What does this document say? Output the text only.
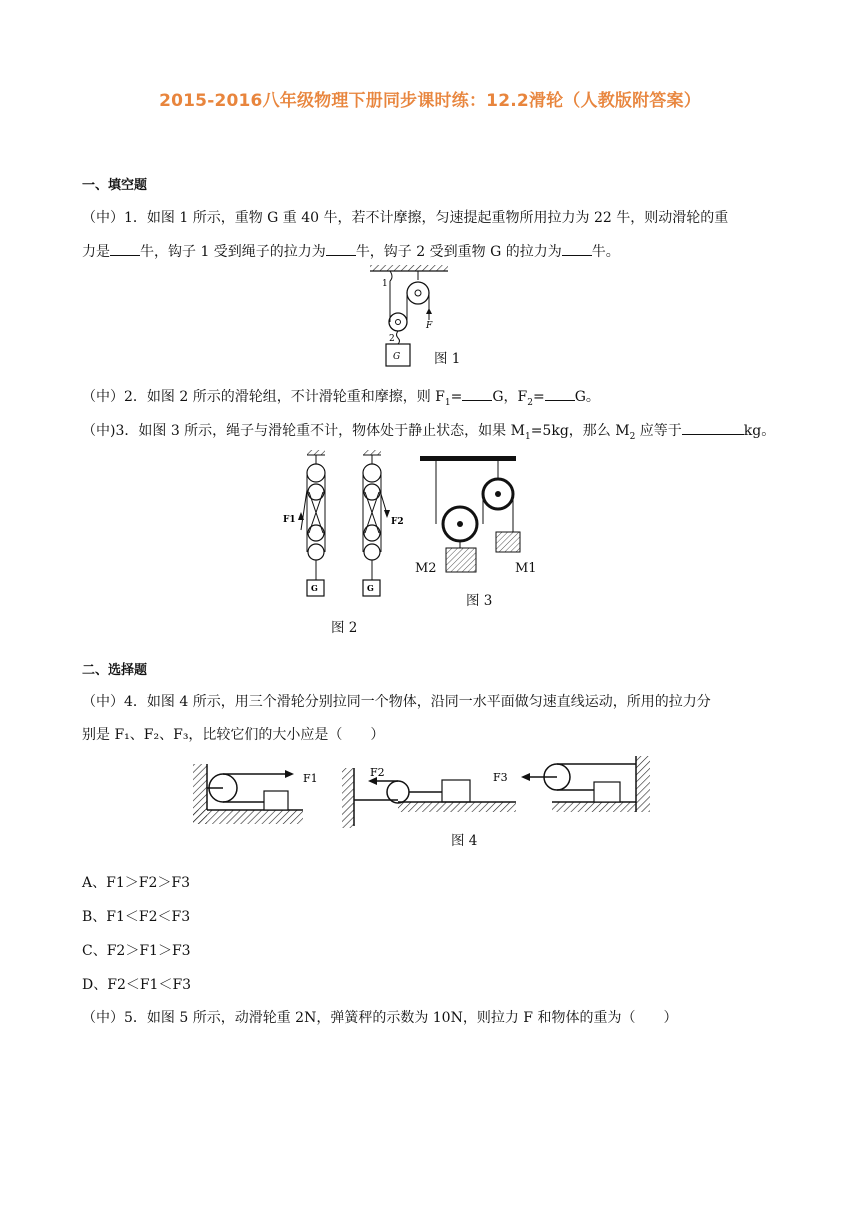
2015-2016八年级物理下册同步课时练：12.2滑轮（人教版附答案）
一、填空题
（中）1．如图 1 所示，重物 G 重 40 牛，若不计摩擦，匀速提起重物所用拉力为 22 牛，则动滑轮的重
力是 牛，钩子 1 受到绳子的拉力为 牛，钩子 2 受到重物 G 的拉力为 牛。
1
2
F
G	图 1
（中）2．如图 2 所示的滑轮组，不计滑轮重和摩擦，则 $F_1= G$，$F_2= G$。
（中)3．如图 3 所示，绳子与滑轮重不计，物体处于静止状态，如果 $M_1=5kg$，那么 $M_2$ 应等于	kg。
F1
G
F2
G
图 2
M2	M1
图 3
二、选择题
（中）4．如图 4 所示，用三个滑轮分别拉同一个物体，沿同一水平面做匀速直线运动，所用的拉力分
别是 F₁、F₂、F₃，比较它们的大小应是（　　）
F1	F2	F3
图 4
A、F1＞F2＞F3
B、F1＜F2＜F3
C、F2＞F1＞F3
D、F2＜F1＜F3
（中）5．如图 5 所示，动滑轮重 2N，弹簧秤的示数为 10N，则拉力 F 和物体的重为（　　）
